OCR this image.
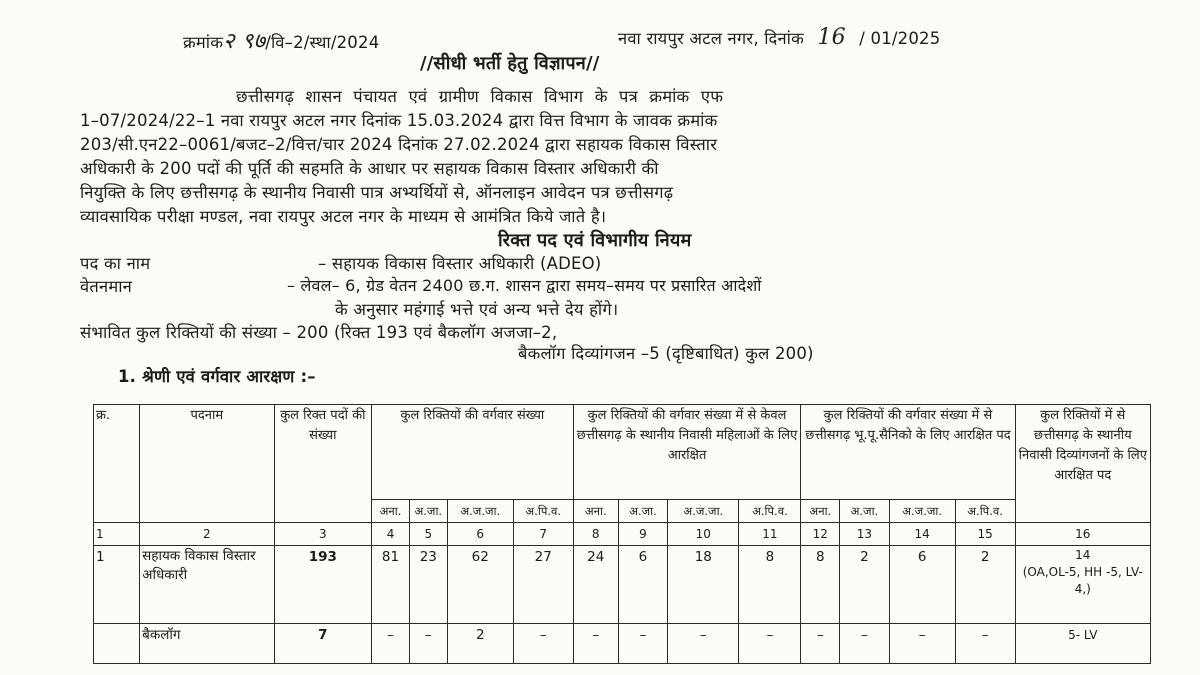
क्रमांक२ ९७/वि–2/स्था/2024	नवा रायपुर अटल नगर, दिनांक 16 / 01/2025
//सीधी भर्ती हेतु विज्ञापन//
छत्तीसगढ़ शासन पंचायत एवं ग्रामीण विकास विभाग के पत्र क्रमांक एफ
1–07/2024/22–1 नवा रायपुर अटल नगर दिनांक 15.03.2024 द्वारा वित्त विभाग के जावक क्रमांक
203/सी.एन22–0061/बजट–2/वित्त/चार 2024 दिनांक 27.02.2024 द्वारा सहायक विकास विस्तार
अधिकारी के 200 पदों की पूर्ति की सहमति के आधार पर सहायक विकास विस्तार अधिकारी की
नियुक्ति के लिए छत्तीसगढ़ के स्थानीय निवासी पात्र अभ्यर्थियों से, ऑनलाइन आवेदन पत्र छत्तीसगढ़
व्यावसायिक परीक्षा मण्डल, नवा रायपुर अटल नगर के माध्यम से आमंत्रित किये जाते है।
रिक्त पद एवं विभागीय नियम
पद का नाम	– सहायक विकास विस्तार अधिकारी (ADEO)
वेतनमान	– लेवल– 6, ग्रेड वेतन 2400 छ.ग. शासन द्वारा समय–समय पर प्रसारित आदेशों
के अनुसार महंगाई भत्ते एवं अन्य भत्ते देय होंगे।
संभावित कुल रिक्तियों की संख्या – 200 (रिक्त 193 एवं बैकलॉग अजजा–2,
बैकलॉग दिव्यांगजन –5 (दृष्टिबाधित) कुल 200)
1. श्रेणी एवं वर्गवार आरक्षण :–
क्र.	पदनाम	कुल रिक्त पदों की संख्या	कुल रिक्तियों की वर्गवार संख्या				कुल रिक्तियों की वर्गवार संख्या में से केवल छत्तीसगढ़ के स्थानीय निवासी महिलाओं के लिए आरक्षित				कुल रिक्तियों की वर्गवार संख्या में से छत्तीसगढ़ भू.पू.सैनिको के लिए आरक्षित पद				कुल रिक्तियों में से छत्तीसगढ़ के स्थानीय निवासी दिव्यांगजनों के लिए आरक्षित पद
			अना.	अ.जा.	अ.ज.जा.	अ.पि.व.	अना.	अ.जा.	अ.ज.जा.	अ.पि.व.	अना.	अ.जा.	अ.ज.जा.	अ.पि.व.	
1	2	3	4	5	6	7	8	9	10	11	12	13	14	15	16
1	सहायक विकास विस्तार अधिकारी	193	81	23	62	27	24	6	18	8	8	2	6	2	14
(OA,OL-5, HH -5, LV-4,)

	बैकलॉग	7	–	–	2	–	–	–	–	–	–	–	–	–	5- LV
